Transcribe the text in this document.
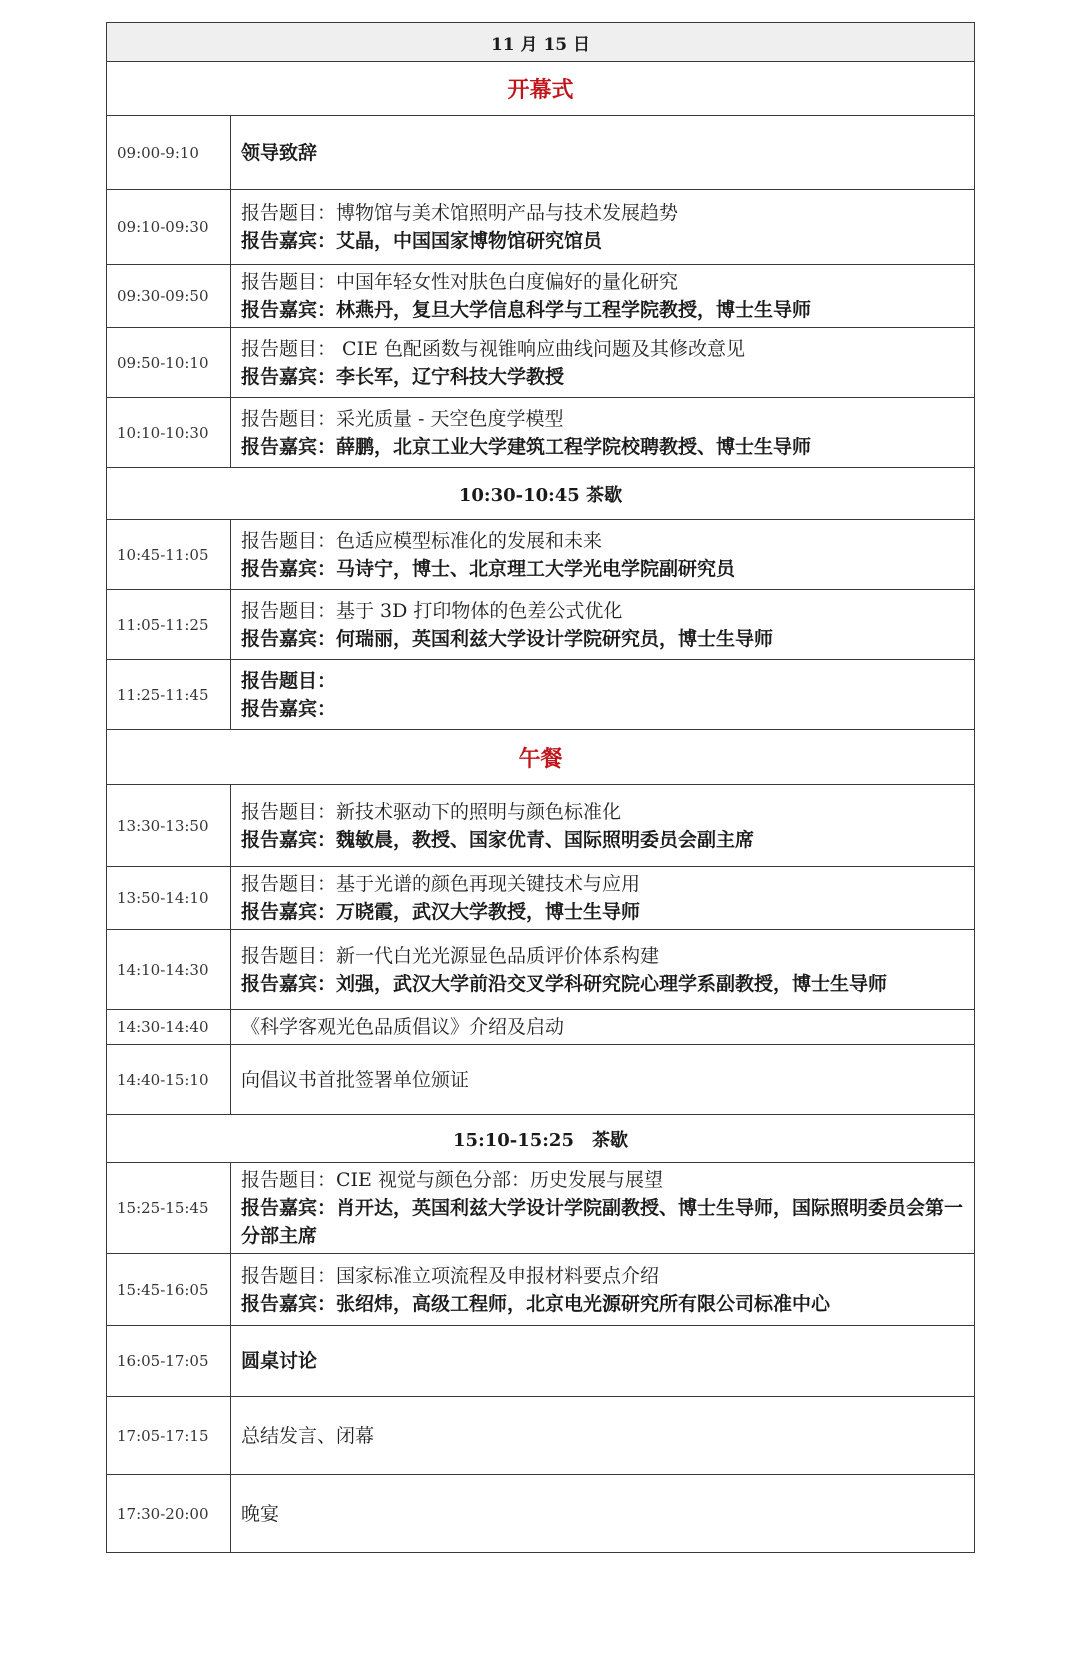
11 月 15 日	
开幕式	
09:00-9:10	领导致辞

09:10-09:30	报告题目：博物馆与美术馆照明产品与技术发展趋势
报告嘉宾：艾晶，中国国家博物馆研究馆员

09:30-09:50	报告题目：中国年轻女性对肤色白度偏好的量化研究
报告嘉宾：林燕丹，复旦大学信息科学与工程学院教授，博士生导师

09:50-10:10	报告题目： CIE 色配函数与视锥响应曲线问题及其修改意见
报告嘉宾：李长军，辽宁科技大学教授

10:10-10:30	报告题目：采光质量 - 天空色度学模型
报告嘉宾：薛鹏，北京工业大学建筑工程学院校聘教授、博士生导师

10:30-10:45 茶歇	
10:45-11:05	报告题目：色适应模型标准化的发展和未来
报告嘉宾：马诗宁，博士、北京理工大学光电学院副研究员

11:05-11:25	报告题目：基于 3D 打印物体的色差公式优化
报告嘉宾：何瑞丽，英国利兹大学设计学院研究员，博士生导师

11:25-11:45	报告题目：
报告嘉宾：

午餐	
13:30-13:50	报告题目：新技术驱动下的照明与颜色标准化
报告嘉宾：魏敏晨，教授、国家优青、国际照明委员会副主席

13:50-14:10	报告题目：基于光谱的颜色再现关键技术与应用
报告嘉宾：万晓霞，武汉大学教授，博士生导师

14:10-14:30	报告题目：新一代白光光源显色品质评价体系构建
报告嘉宾：刘强，武汉大学前沿交叉学科研究院心理学系副教授，博士生导师

14:30-14:40	《科学客观光色品质倡议》介绍及启动

14:40-15:10	向倡议书首批签署单位颁证

15:10-15:25　茶歇	
15:25-15:45	报告题目：CIE 视觉与颜色分部：历史发展与展望
报告嘉宾：肖开达，英国利兹大学设计学院副教授、博士生导师，国际照明委员会第一分部主席

15:45-16:05	报告题目：国家标准立项流程及申报材料要点介绍
报告嘉宾：张绍炜，高级工程师，北京电光源研究所有限公司标准中心

16:05-17:05	圆桌讨论

17:05-17:15	总结发言、闭幕

17:30-20:00	晚宴
